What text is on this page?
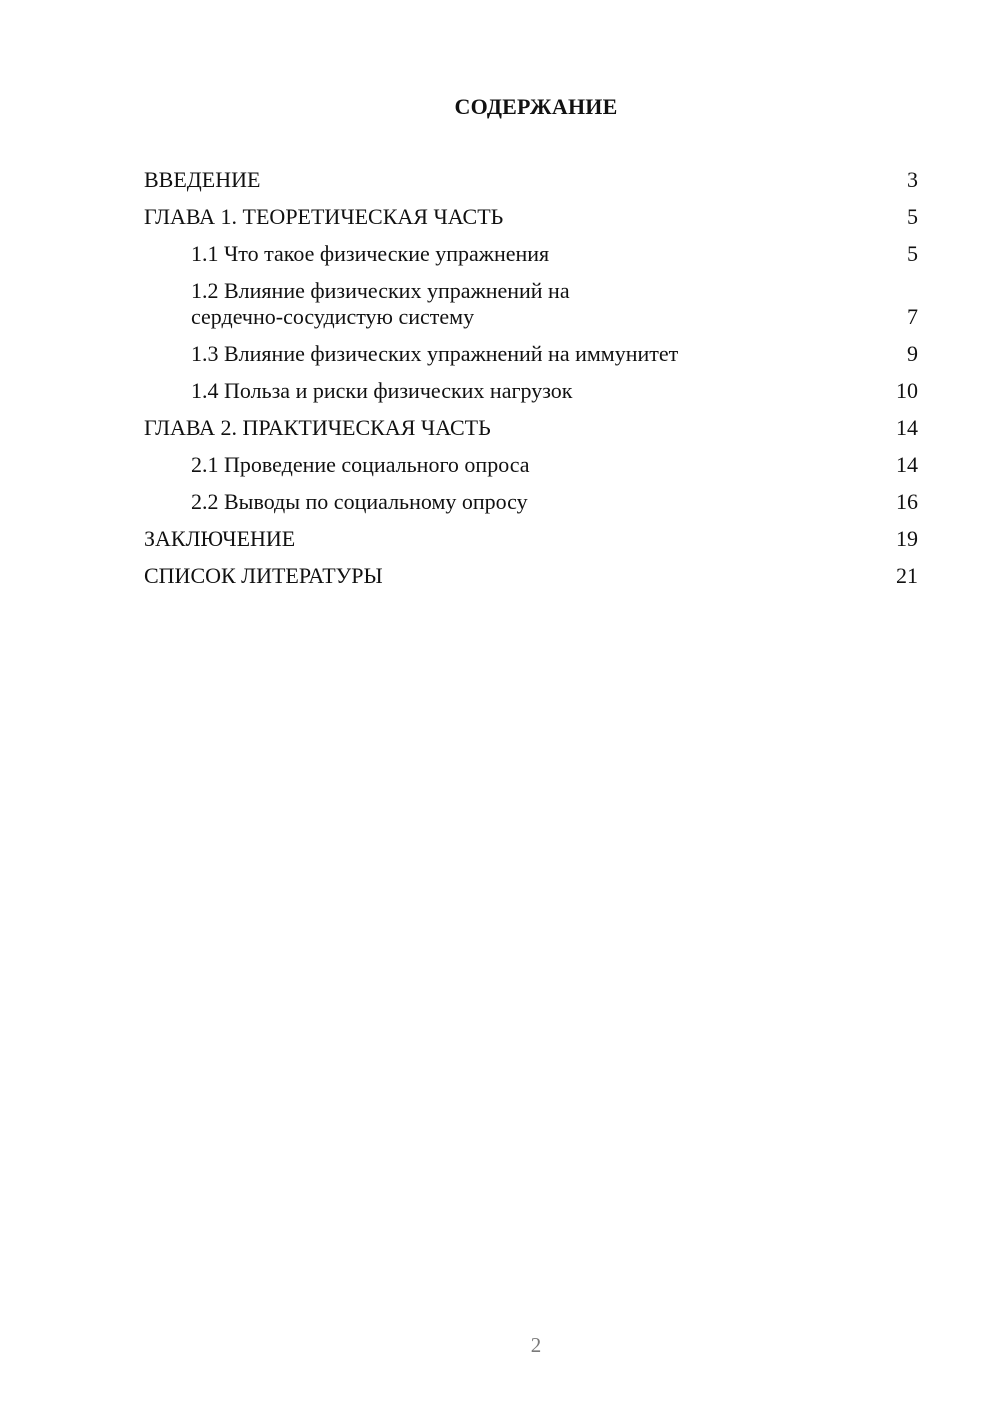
СОДЕРЖАНИЕ
ВВЕДЕНИЕ	3
ГЛАВА 1. ТЕОРЕТИЧЕСКАЯ ЧАСТЬ	5
1.1 Что такое физические упражнения	5
1.2 Влияние физических упражнений на
сердечно-сосудистую систему	7
1.3 Влияние физических упражнений на иммунитет	9
1.4 Польза и риски физических нагрузок	10
ГЛАВА 2. ПРАКТИЧЕСКАЯ ЧАСТЬ	14
2.1 Проведение социального опроса	14
2.2 Выводы по социальному опросу	16
ЗАКЛЮЧЕНИЕ	19
СПИСОК ЛИТЕРАТУРЫ	21
2
